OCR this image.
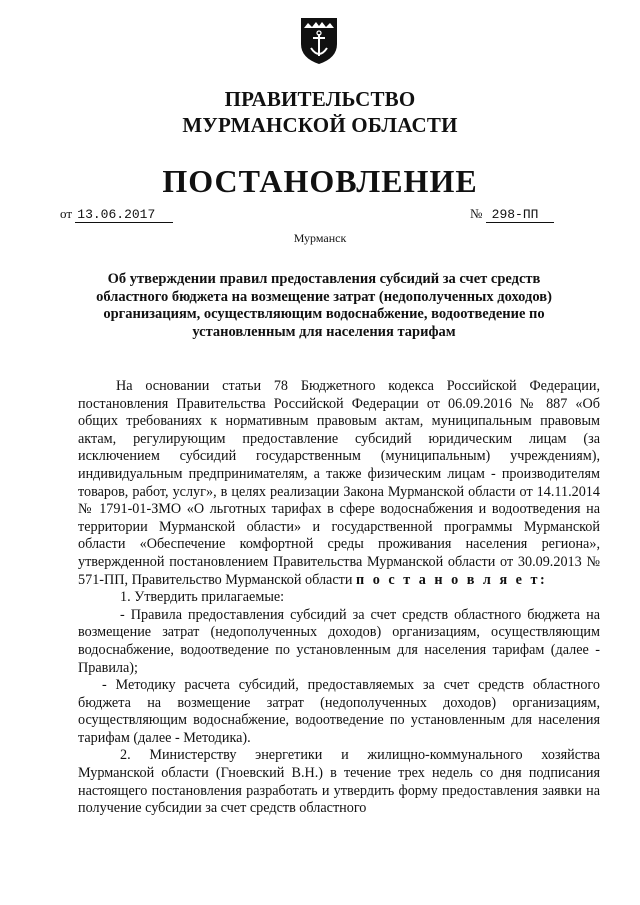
ПРАВИТЕЛЬСТВО
МУРМАНСКОЙ ОБЛАСТИ
ПОСТАНОВЛЕНИЕ
от 13.06.2017	№ 298-ПП
Мурманск
Об утверждении правил предоставления субсидий за счет средств областного бюджета на возмещение затрат (недополученных доходов) организациям, осуществляющим водоснабжение, водоотведение по установленным для населения тарифам

На основании статьи 78 Бюджетного кодекса Российской Федерации, постановления Правительства Российской Федерации от 06.09.2016 № 887 «Об общих требованиях к нормативным правовым актам, муниципальным правовым актам, регулирующим предоставление субсидий юридическим лицам (за исключением субсидий государственным (муниципальным) учреждениям), индивидуальным предпринимателям, а также физическим лицам - производителям товаров, работ, услуг», в целях реализации Закона Мурманской области от 14.11.2014 № 1791-01-ЗМО «О льготных тарифах в сфере водоснабжения и водоотведения на территории Мурманской области» и государственной программы Мурманской области «Обеспечение комфортной среды проживания населения региона», утвержденной постановлением Правительства Мурманской области от 30.09.2013 № 571-ПП, Правительство Мурманской области п о с т а н о в л я е т:

1. Утвердить прилагаемые:

- Правила предоставления субсидий за счет средств областного бюджета на возмещение затрат (недополученных доходов) организациям, осуществляющим водоснабжение, водоотведение по установленным для населения тарифам (далее - Правила);

- Методику расчета субсидий, предоставляемых за счет средств областного бюджета на возмещение затрат (недополученных доходов) организациям, осуществляющим водоснабжение, водоотведение по установленным для населения тарифам (далее - Методика).

2. Министерству энергетики и жилищно-коммунального хозяйства Мурманской области (Гноевский В.Н.) в течение трех недель со дня подписания настоящего постановления разработать и утвердить форму предоставления заявки на получение субсидии за счет средств областного
